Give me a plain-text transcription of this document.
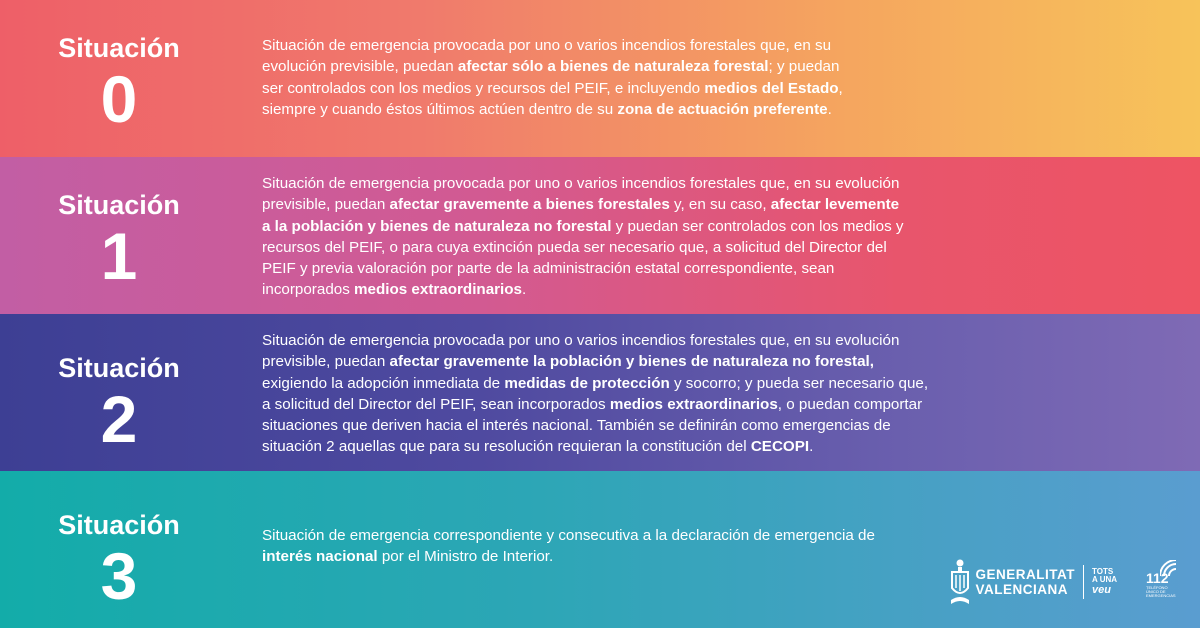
Situación
0
Situación de emergencia provocada por uno o varios incendios forestales que, en su
evolución previsible, puedan afectar sólo a bienes de naturaleza forestal; y puedan
ser controlados con los medios y recursos del PEIF, e incluyendo medios del Estado,
siempre y cuando éstos últimos actúen dentro de su zona de actuación preferente.
Situación
1
Situación de emergencia provocada por uno o varios incendios forestales que, en su evolución
previsible, puedan afectar gravemente a bienes forestales y, en su caso, afectar levemente
a la población y bienes de naturaleza no forestal y puedan ser controlados con los medios y
recursos del PEIF, o para cuya extinción pueda ser necesario que, a solicitud del Director del
PEIF y previa valoración por parte de la administración estatal correspondiente, sean
incorporados medios extraordinarios.
Situación
2
Situación de emergencia provocada por uno o varios incendios forestales que, en su evolución
previsible, puedan afectar gravemente la población y bienes de naturaleza no forestal,
exigiendo la adopción inmediata de medidas de protección y socorro; y pueda ser necesario que,
a solicitud del Director del PEIF, sean incorporados medios extraordinarios, o puedan comportar
situaciones que deriven hacia el interés nacional. También se definirán como emergencias de
situación 2 aquellas que para su resolución requieran la constitución del CECOPI.
Situación
3
Situación de emergencia correspondiente y consecutiva a la declaración de emergencia de
interés nacional por el Ministro de Interior.
GENERALITAT
VALENCIANA
TOTS
A UNA
veu
112
TELÉFONO ÚNICO DE EMERGENCIAS
